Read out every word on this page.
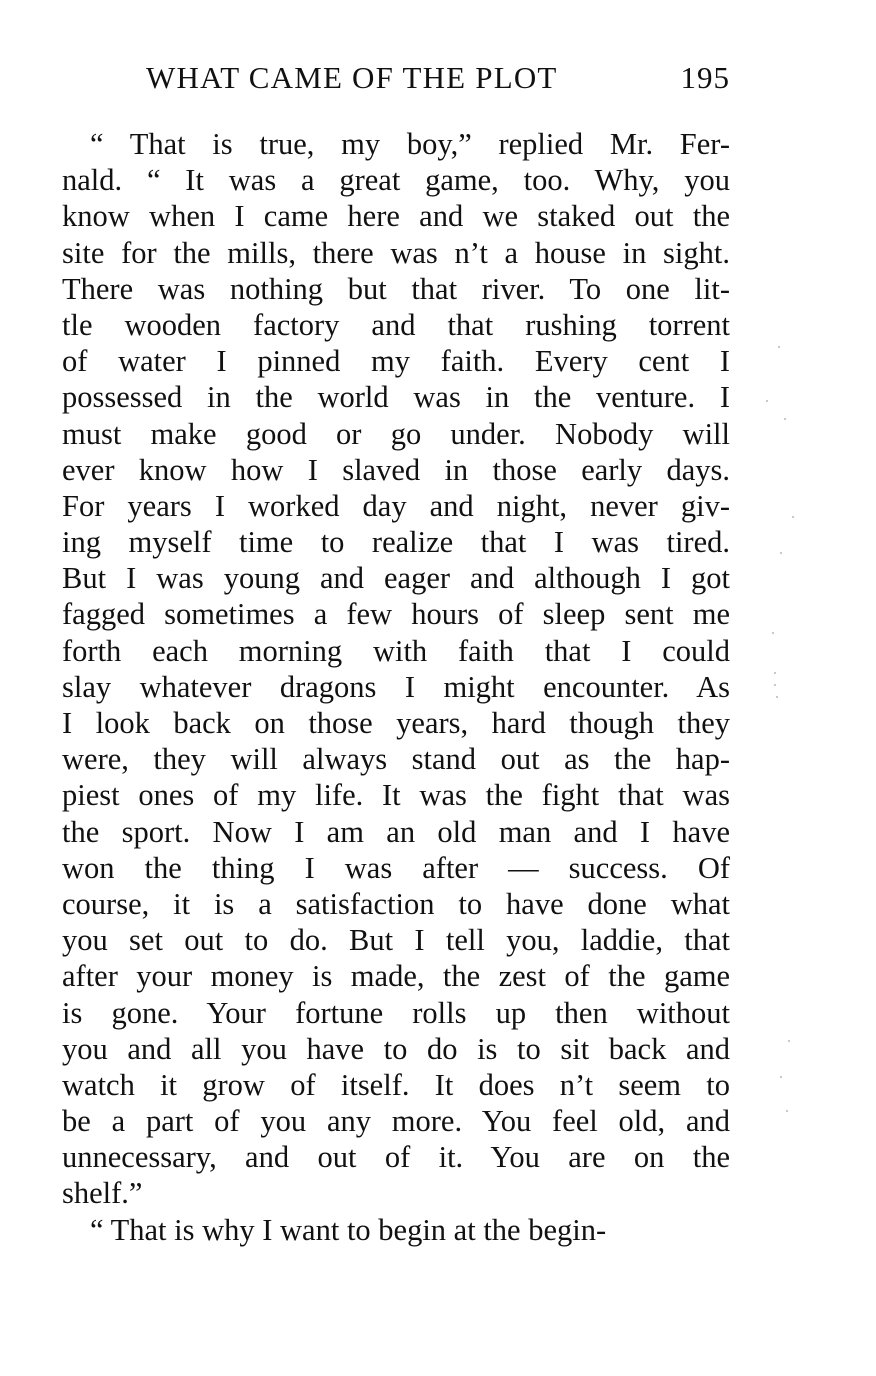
WHAT CAME OF THE PLOT	195
“ That is true, my boy,” replied Mr. Fer-
nald. “ It was a great game, too. Why, you
know when I came here and we staked out the
site for the mills, there was n’t a house in sight.
There was nothing but that river. To one lit-
tle wooden factory and that rushing torrent
of water I pinned my faith. Every cent I
possessed in the world was in the venture. I
must make good or go under. Nobody will
ever know how I slaved in those early days.
For years I worked day and night, never giv-
ing myself time to realize that I was tired.
But I was young and eager and although I got
fagged sometimes a few hours of sleep sent me
forth each morning with faith that I could
slay whatever dragons I might encounter. As
I look back on those years, hard though they
were, they will always stand out as the hap-
piest ones of my life. It was the fight that was
the sport. Now I am an old man and I have
won the thing I was after — success. Of
course, it is a satisfaction to have done what
you set out to do. But I tell you, laddie, that
after your money is made, the zest of the game
is gone. Your fortune rolls up then without
you and all you have to do is to sit back and
watch it grow of itself. It does n’t seem to
be a part of you any more. You feel old, and
unnecessary, and out of it. You are on the
shelf.”
“ That is why I want to begin at the begin-
